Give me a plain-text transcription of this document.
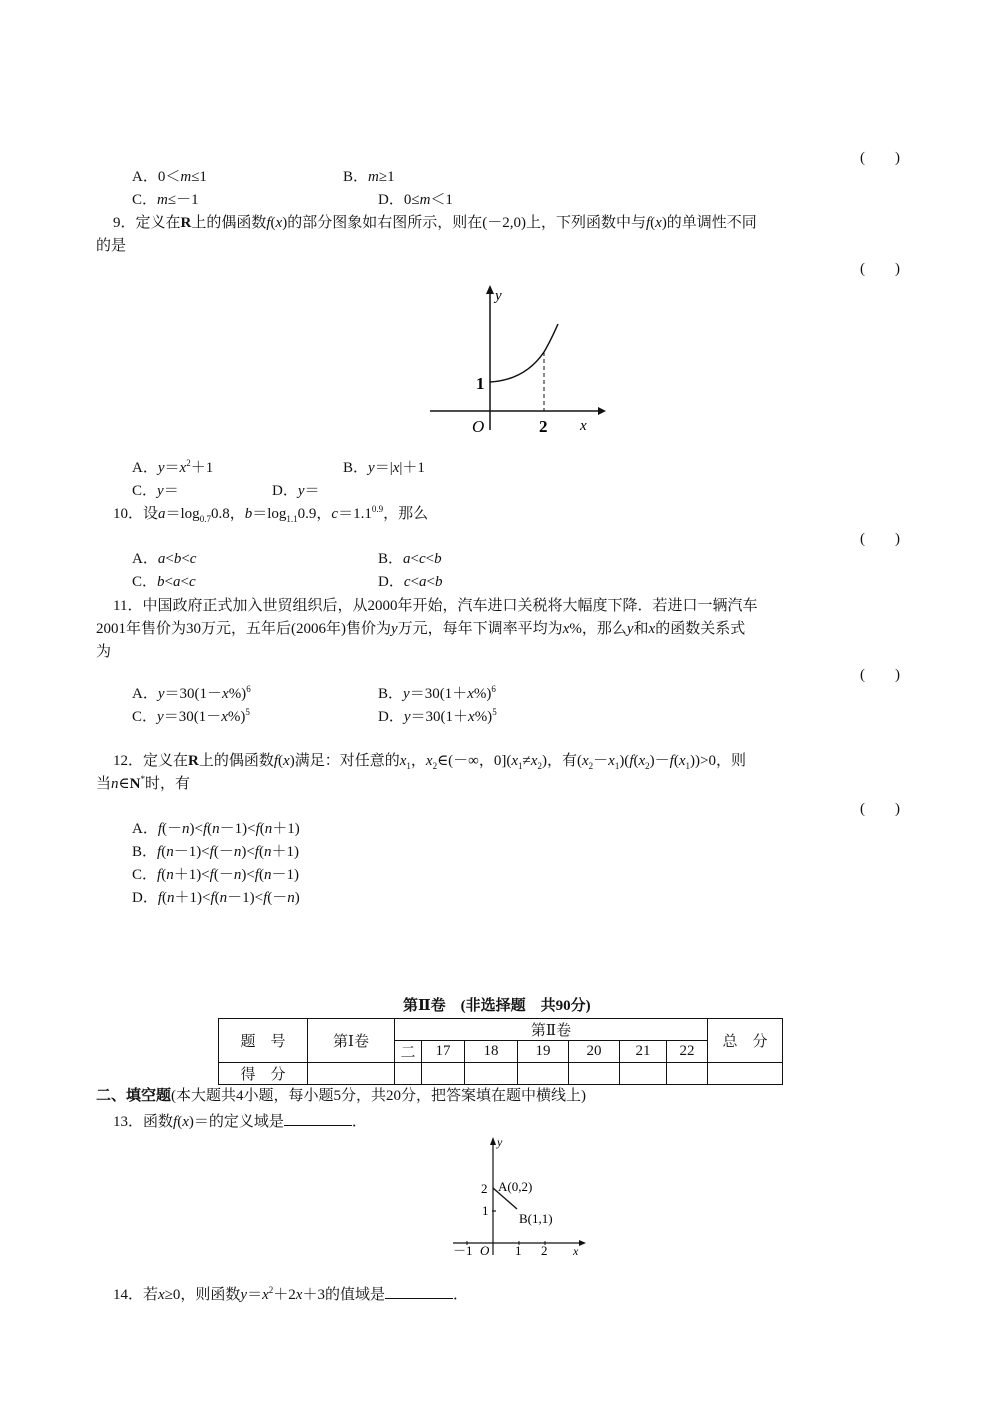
(　　)
A．0＜m≤1	B．m≥1
C．m≤－1	D．0≤m＜1
9．定义在R上的偶函数f(x)的部分图象如右图所示，则在(－2,0)上，下列函数中与f(x)的单调性不同
的是
(　　)
y
x
O
1
2
A．$y=x^2+1$	B．y＝|x|＋1
C．y＝	D．y＝
10．设$a=\log_{0.7}0.8$，$b=\log_{1.1}0.9$，$c=1.1^{0.9}$，那么
(　　)
A．a<b<c	B．a<c<b
C．b<a<c	D．c<a<b
11．中国政府正式加入世贸组织后，从2000年开始，汽车进口关税将大幅度下降．若进口一辆汽车
2001年售价为30万元，五年后(2006年)售价为y万元，每年下调率平均为x%，那么y和x的函数关系式
为
(　　)
A．$y=30(1-x\%)^6$	B．$y=30(1+x\%)^6$
C．$y=30(1-x\%)^5$	D．$y=30(1+x\%)^5$
12．定义在R上的偶函数f(x)满足：对任意的$x_1$，$x_2\in(-\infty$，$0](x_1\ne x_2)$，有$(x_2-x_1)(f(x_2)-f(x_1))>0$，则
当n∈N*时，有
(　　)
A．f(－n)<f(n－1)<f(n＋1)
B．f(n－1)<f(－n)<f(n＋1)
C．f(n＋1)<f(－n)<f(n－1)
D．f(n＋1)<f(n－1)<f(－n)
第Ⅱ卷　(非选择题　共90分)
题　号	第Ⅰ卷	第Ⅱ卷							总　分
		二	17	18	19	20	21	22	
得　分									
二、填空题(本大题共4小题，每小题5分，共20分，把答案填在题中横线上)
13．函数f(x)＝的定义域是	．
y
x
O
2
1
－1	1 2
A(0,2)
B(1,1)
14．若x≥0，则函数$y=x^2+2x+3$的值域是	．
